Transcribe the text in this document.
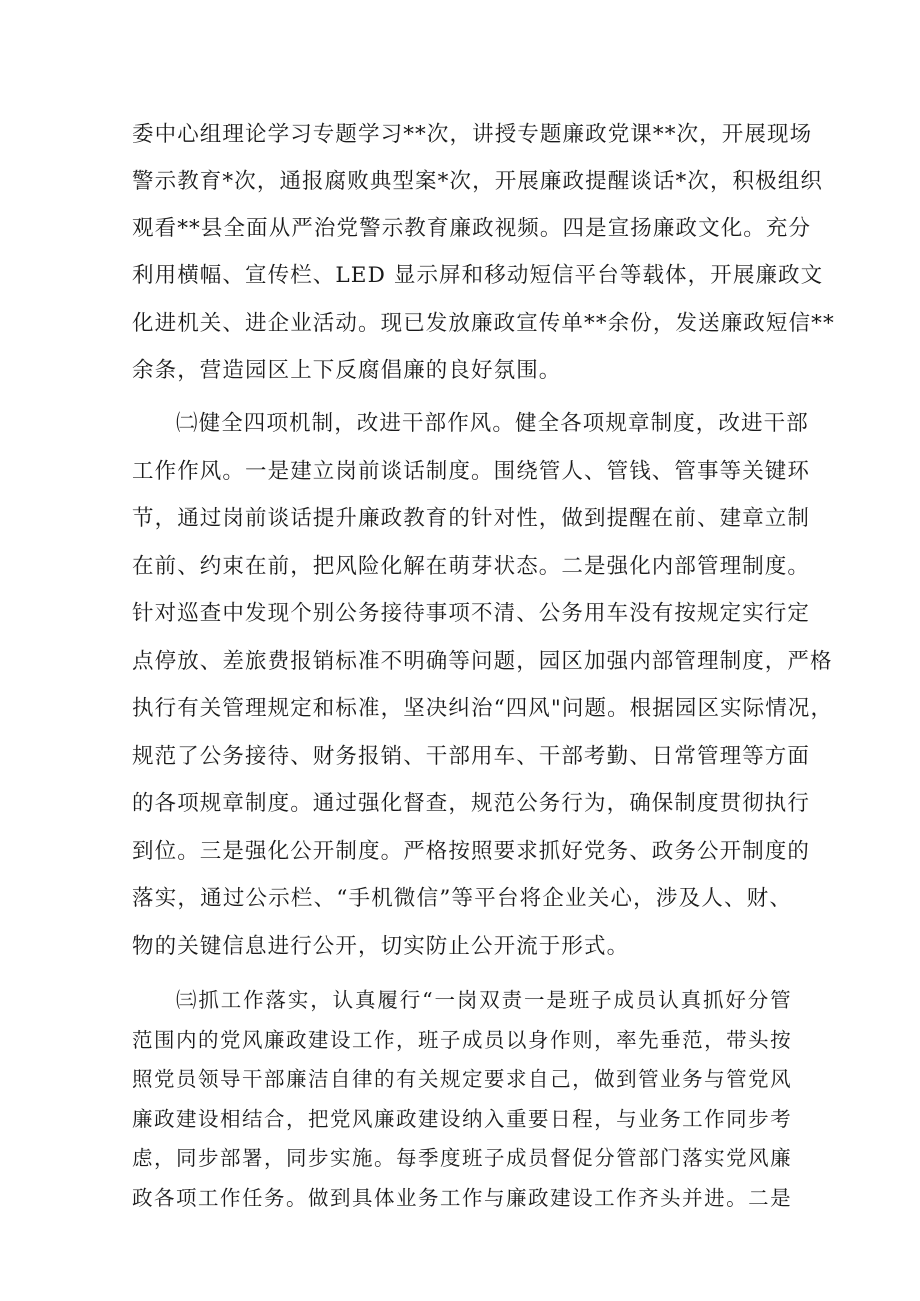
委中心组理论学习专题学习**次，讲授专题廉政党课**次，开展现场
警示教育*次，通报腐败典型案*次，开展廉政提醒谈话*次，积极组织
观看**县全面从严治党警示教育廉政视频。四是宣扬廉政文化。充分
利用横幅、宣传栏、LED 显示屏和移动短信平台等载体，开展廉政文
化进机关、进企业活动。现已发放廉政宣传单**余份，发送廉政短信**
余条，营造园区上下反腐倡廉的良好氛围。
㈡健全四项机制，改进干部作风。健全各项规章制度，改进干部
工作作风。一是建立岗前谈话制度。围绕管人、管钱、管事等关键环
节，通过岗前谈话提升廉政教育的针对性，做到提醒在前、建章立制
在前、约束在前，把风险化解在萌芽状态。二是强化内部管理制度。
针对巡查中发现个别公务接待事项不清、公务用车没有按规定实行定
点停放、差旅费报销标准不明确等问题，园区加强内部管理制度，严格
执行有关管理规定和标准，坚决纠治“四风"问题。根据园区实际情况，
规范了公务接待、财务报销、干部用车、干部考勤、日常管理等方面
的各项规章制度。通过强化督查，规范公务行为，确保制度贯彻执行
到位。三是强化公开制度。严格按照要求抓好党务、政务公开制度的
落实，通过公示栏、“手机微信”等平台将企业关心，涉及人、财、
物的关键信息进行公开，切实防止公开流于形式。
㈢抓工作落实，认真履行“一岗双责一是班子成员认真抓好分管
范围内的党风廉政建设工作，班子成员以身作则，率先垂范，带头按
照党员领导干部廉洁自律的有关规定要求自己，做到管业务与管党风
廉政建设相结合，把党风廉政建设纳入重要日程，与业务工作同步考
虑，同步部署，同步实施。每季度班子成员督促分管部门落实党风廉
政各项工作任务。做到具体业务工作与廉政建设工作齐头并进。二是
